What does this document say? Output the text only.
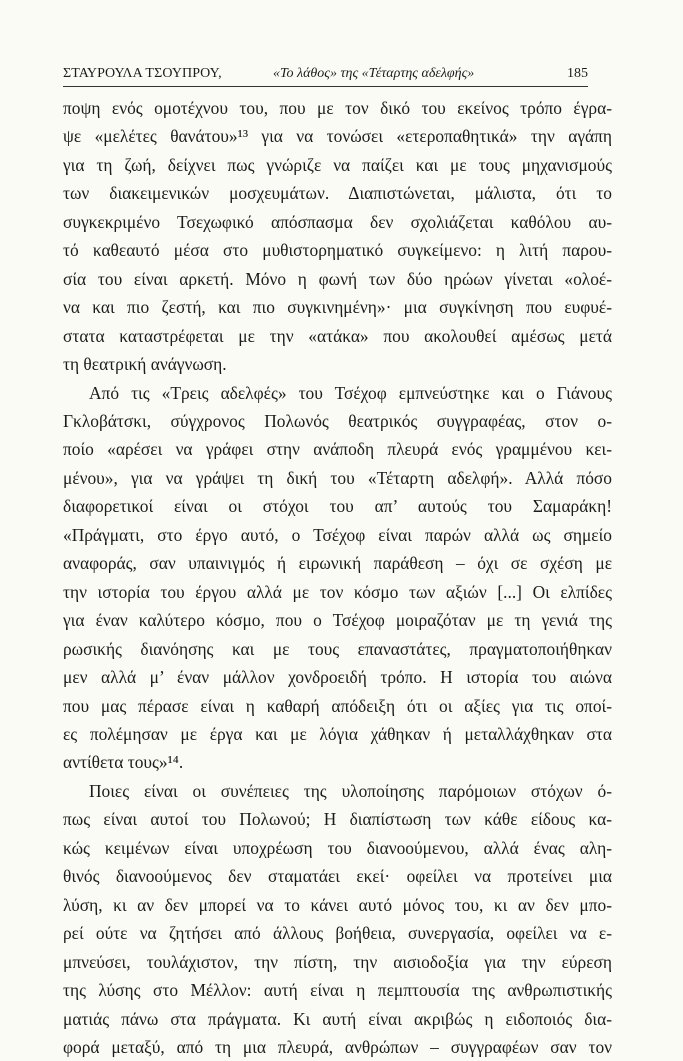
ΣΤΑΥΡΟΥΛΑ ΤΣΟΥΠΡΟΥ,	«Το λάθος» της «Τέταρτης αδελφής»	185
ποψη ενός ομοτέχνου του, που με τον δικό του εκείνος τρόπο έγρα-
ψε «μελέτες θανάτου»¹³ για να τονώσει «ετεροπαθητικά» την αγάπη
για τη ζωή, δείχνει πως γνώριζε να παίζει και με τους μηχανισμούς
των διακειμενικών μοσχευμάτων. Διαπιστώνεται, μάλιστα, ότι το
συγκεκριμένο Τσεχωφικό απόσπασμα δεν σχολιάζεται καθόλου αυ-
τό καθεαυτό μέσα στο μυθιστορηματικό συγκείμενο: η λιτή παρου-
σία του είναι αρκετή. Μόνο η φωνή των δύο ηρώων γίνεται «ολοέ-
να και πιο ζεστή, και πιο συγκινημένη»· μια συγκίνηση που ευφυέ-
στατα καταστρέφεται με την «ατάκα» που ακολουθεί αμέσως μετά
τη θεατρική ανάγνωση.
Από τις «Τρεις αδελφές» του Τσέχοφ εμπνεύστηκε και ο Γιάνους
Γκλοβάτσκι, σύγχρονος Πολωνός θεατρικός συγγραφέας, στον ο-
ποίο «αρέσει να γράφει στην ανάποδη πλευρά ενός γραμμένου κει-
μένου», για να γράψει τη δική του «Τέταρτη αδελφή». Αλλά πόσο
διαφορετικοί είναι οι στόχοι του απ’ αυτούς του Σαμαράκη!
«Πράγματι, στο έργο αυτό, ο Τσέχοφ είναι παρών αλλά ως σημείο
αναφοράς, σαν υπαινιγμός ή ειρωνική παράθεση – όχι σε σχέση με
την ιστορία του έργου αλλά με τον κόσμο των αξιών [...] Οι ελπίδες
για έναν καλύτερο κόσμο, που ο Τσέχοφ μοιραζόταν με τη γενιά της
ρωσικής διανόησης και με τους επαναστάτες, πραγματοποιήθηκαν
μεν αλλά μ’ έναν μάλλον χονδροειδή τρόπο. Η ιστορία του αιώνα
που μας πέρασε είναι η καθαρή απόδειξη ότι οι αξίες για τις οποί-
ες πολέμησαν με έργα και με λόγια χάθηκαν ή μεταλλάχθηκαν στα
αντίθετα τους»¹⁴.
Ποιες είναι οι συνέπειες της υλοποίησης παρόμοιων στόχων ό-
πως είναι αυτοί του Πολωνού; Η διαπίστωση των κάθε είδους κα-
κώς κειμένων είναι υποχρέωση του διανοούμενου, αλλά ένας αλη-
θινός διανοούμενος δεν σταματάει εκεί· οφείλει να προτείνει μια
λύση, κι αν δεν μπορεί να το κάνει αυτό μόνος του, κι αν δεν μπο-
ρεί ούτε να ζητήσει από άλλους βοήθεια, συνεργασία, οφείλει να ε-
μπνεύσει, τουλάχιστον, την πίστη, την αισιοδοξία για την εύρεση
της λύσης στο Μέλλον: αυτή είναι η πεμπτουσία της ανθρωπιστικής
ματιάς πάνω στα πράγματα. Κι αυτή είναι ακριβώς η ειδοποιός δια-
φορά μεταξύ, από τη μια πλευρά, ανθρώπων – συγγραφέων σαν τον
